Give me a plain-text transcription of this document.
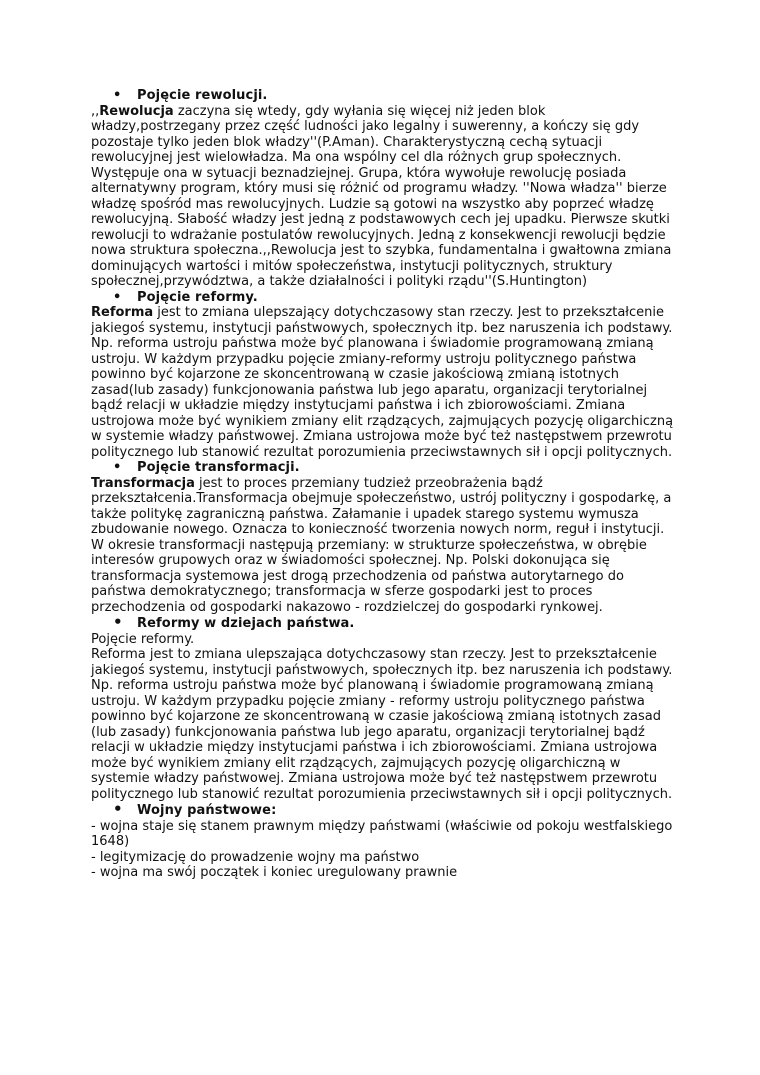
•	Pojęcie rewolucji.

,,Rewolucja zaczyna się wtedy, gdy wyłania się więcej niż jeden blok władzy,postrzegany przez część ludności jako legalny i suwerenny, a kończy się gdy pozostaje tylko jeden blok władzy''(P.Aman). Charakterystyczną cechą sytuacji rewolucyjnej jest wielowładza. Ma ona wspólny cel dla różnych grup społecznych. Występuje ona w sytuacji beznadziejnej. Grupa, która wywołuje rewolucję posiada alternatywny program, który musi się różnić od programu władzy. ''Nowa władza'' bierze władzę spośród mas rewolucyjnych. Ludzie są gotowi na wszystko aby poprzeć władzę rewolucyjną. Słabość władzy jest jedną z podstawowych cech jej upadku. Pierwsze skutki rewolucji to wdrażanie postulatów rewolucyjnych. Jedną z konsekwencji rewolucji będzie nowa struktura społeczna.,,Rewolucja jest to szybka, fundamentalna i gwałtowna zmiana dominujących wartości i mitów społeczeństwa, instytucji politycznych, struktury społecznej,przywództwa, a także działalności i polityki rządu''(S.Huntington)

•	Pojęcie reformy.

Reforma jest to zmiana ulepszający dotychczasowy stan rzeczy. Jest to przekształcenie jakiegoś systemu, instytucji państwowych, społecznych itp. bez naruszenia ich podstawy. Np. reforma ustroju państwa może być planowana i świadomie programowaną zmianą ustroju. W każdym przypadku pojęcie zmiany-reformy ustroju politycznego państwa powinno być kojarzone ze skoncentrowaną w czasie jakościową zmianą istotnych zasad(lub zasady) funkcjonowania państwa lub jego aparatu, organizacji terytorialnej bądź relacji w układzie między instytucjami państwa i ich zbiorowościami. Zmiana ustrojowa może być wynikiem zmiany elit rządzących, zajmujących pozycję oligarchiczną w systemie władzy państwowej. Zmiana ustrojowa może być też następstwem przewrotu politycznego lub stanowić rezultat porozumienia przeciwstawnych sił i opcji politycznych.

•	Pojęcie transformacji.

Transformacja jest to proces przemiany tudzież przeobrażenia bądź przekształcenia.Transformacja obejmuje społeczeństwo, ustrój polityczny i gospodarkę, a także politykę zagraniczną państwa. Załamanie i upadek starego systemu wymusza zbudowanie nowego. Oznacza to konieczność tworzenia nowych norm, reguł i instytucji. W okresie transformacji następują przemiany: w strukturze społeczeństwa, w obrębie interesów grupowych oraz w świadomości społecznej. Np. Polski dokonująca się transformacja systemowa jest drogą przechodzenia od państwa autorytarnego do państwa demokratycznego; transformacja w sferze gospodarki jest to proces przechodzenia od gospodarki nakazowo - rozdzielczej do gospodarki rynkowej.

•	Reformy w dziejach państwa.

Pojęcie reformy.

Reforma jest to zmiana ulepszająca dotychczasowy stan rzeczy. Jest to przekształcenie jakiegoś systemu, instytucji państwowych, społecznych itp. bez naruszenia ich podstawy. Np. reforma ustroju państwa może być planowaną i świadomie programowaną zmianą ustroju. W każdym przypadku pojęcie zmiany - reformy ustroju politycznego państwa powinno być kojarzone ze skoncentrowaną w czasie jakościową zmianą istotnych zasad (lub zasady) funkcjonowania państwa lub jego aparatu, organizacji terytorialnej bądź relacji w układzie między instytucjami państwa i ich zbiorowościami. Zmiana ustrojowa może być wynikiem zmiany elit rządzących, zajmujących pozycję oligarchiczną w systemie władzy państwowej. Zmiana ustrojowa może być też następstwem przewrotu politycznego lub stanowić rezultat porozumienia przeciwstawnych sił i opcji politycznych.

•	Wojny państwowe:

- wojna staje się stanem prawnym między państwami (właściwie od pokoju westfalskiego 1648)

- legitymizację do prowadzenie wojny ma państwo

- wojna ma swój początek i koniec uregulowany prawnie
